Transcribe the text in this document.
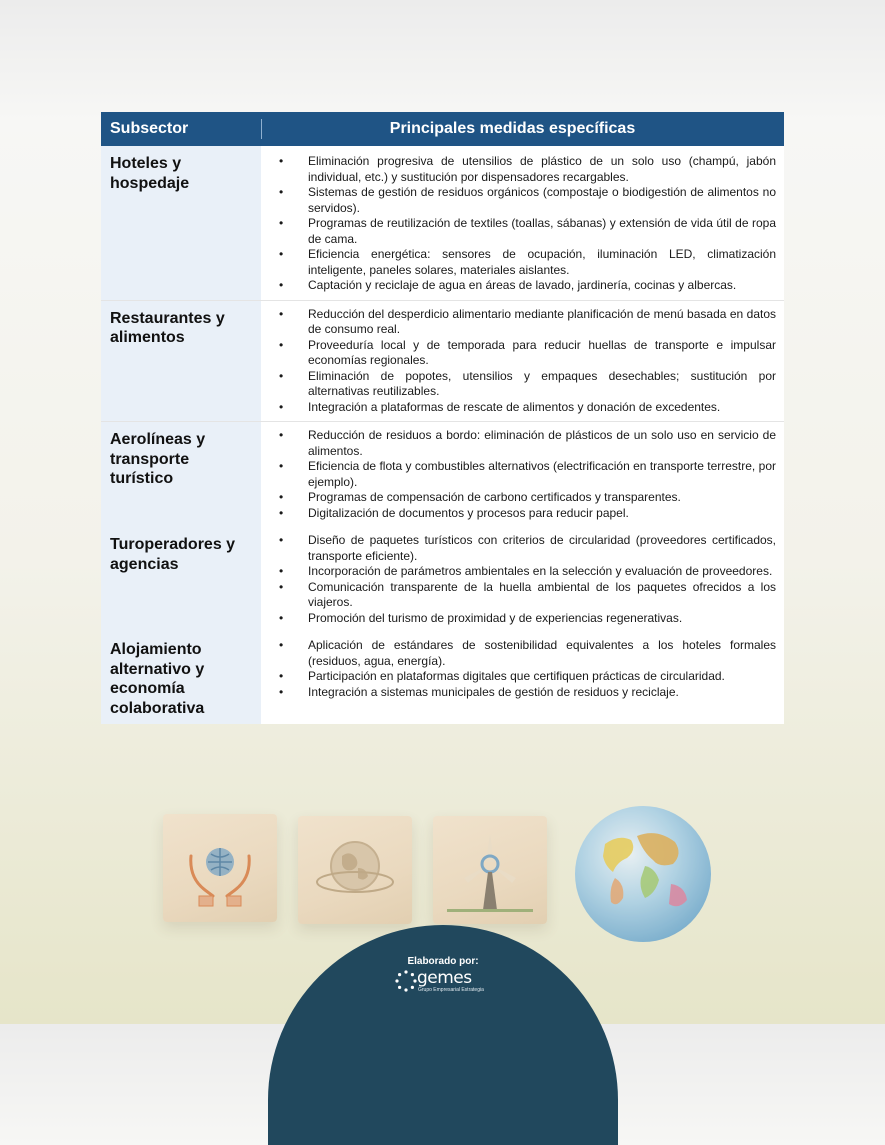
Subsector	Principales medidas específicas
Hoteles y hospedaje
• Eliminación progresiva de utensilios de plástico de un solo uso (champú, jabón individual, etc.) y sustitución por dispensadores recargables.
• Sistemas de gestión de residuos orgánicos (compostaje o biodigestión de alimentos no servidos).
• Programas de reutilización de textiles (toallas, sábanas) y extensión de vida útil de ropa de cama.
• Eficiencia energética: sensores de ocupación, iluminación LED, climatización inteligente, paneles solares, materiales aislantes.
• Captación y reciclaje de agua en áreas de lavado, jardinería, cocinas y albercas.
Restaurantes y alimentos
• Reducción del desperdicio alimentario mediante planificación de menú basada en datos de consumo real.
• Proveeduría local y de temporada para reducir huellas de transporte e impulsar economías regionales.
• Eliminación de popotes, utensilios y empaques desechables; sustitución por alternativas reutilizables.
• Integración a plataformas de rescate de alimentos y donación de excedentes.
Aerolíneas y transporte turístico
• Reducción de residuos a bordo: eliminación de plásticos de un solo uso en servicio de alimentos.
• Eficiencia de flota y combustibles alternativos (electrificación en transporte terrestre, por ejemplo).
• Programas de compensación de carbono certificados y transparentes.
• Digitalización de documentos y procesos para reducir papel.
Turoperadores y agencias
• Diseño de paquetes turísticos con criterios de circularidad (proveedores certificados, transporte eficiente).
• Incorporación de parámetros ambientales en la selección y evaluación de proveedores.
• Comunicación transparente de la huella ambiental de los paquetes ofrecidos a los viajeros.
• Promoción del turismo de proximidad y de experiencias regenerativas.
Alojamiento alternativo y economía colaborativa
• Aplicación de estándares de sostenibilidad equivalentes a los hoteles formales (residuos, agua, energía).
• Participación en plataformas digitales que certifiquen prácticas de circularidad.
• Integración a sistemas municipales de gestión de residuos y reciclaje.
Elaborado por:
gemes
Grupo Empresarial Estrategia
